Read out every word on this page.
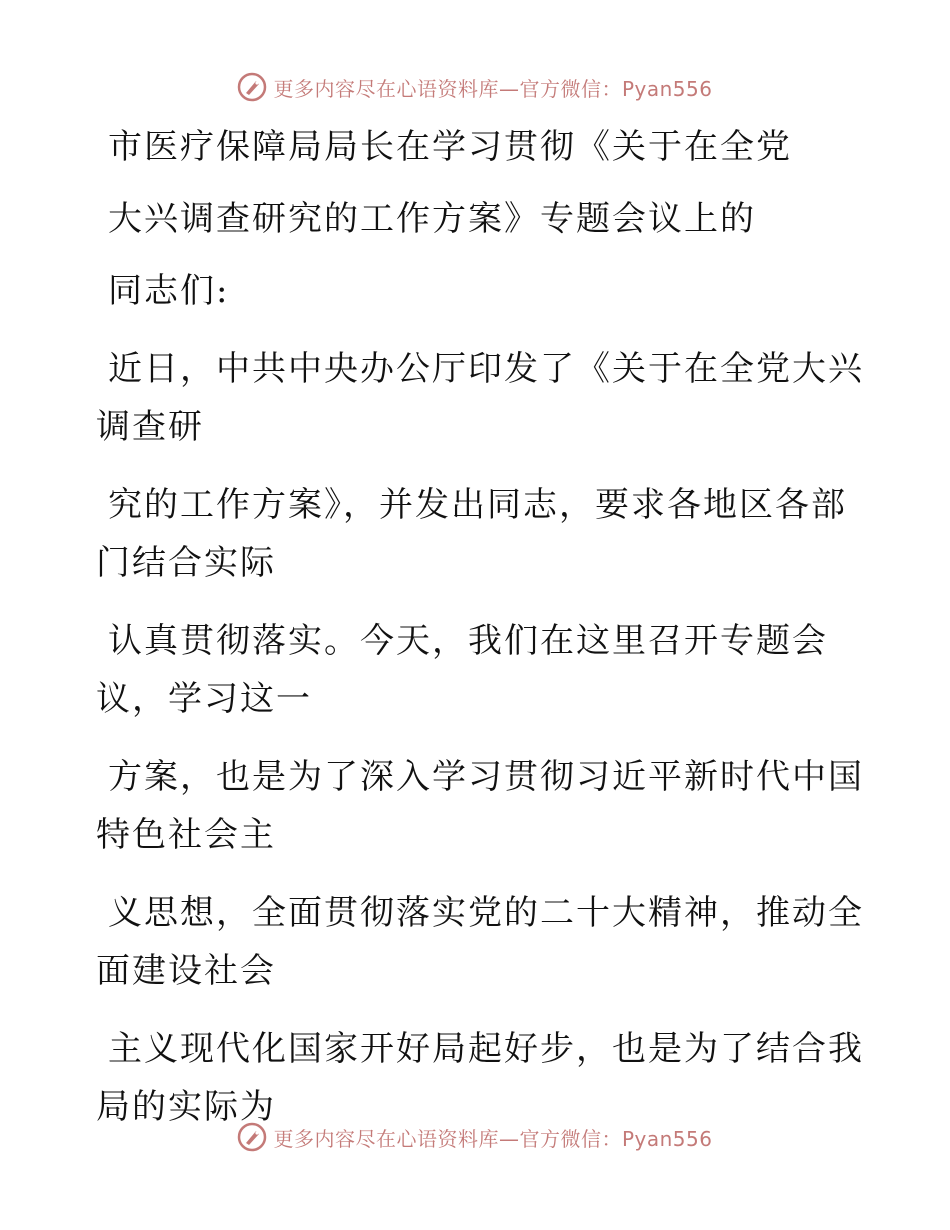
更多内容尽在心语资料库—官方微信：Pyan556

市医疗保障局局长在学习贯彻《关于在全党

大兴调查研究的工作方案》专题会议上的

同志们:

近日，中共中央办公厅印发了《关于在全党大兴

调查研

究的工作方案》，并发出同志，要求各地区各部

门结合实际

认真贯彻落实。今天，我们在这里召开专题会

议，学习这一

方案，也是为了深入学习贯彻习近平新时代中国

特色社会主

义思想，全面贯彻落实党的二十大精神，推动全

面建设社会

主义现代化国家开好局起好步，也是为了结合我

局的实际为

更多内容尽在心语资料库—官方微信：Pyan556
